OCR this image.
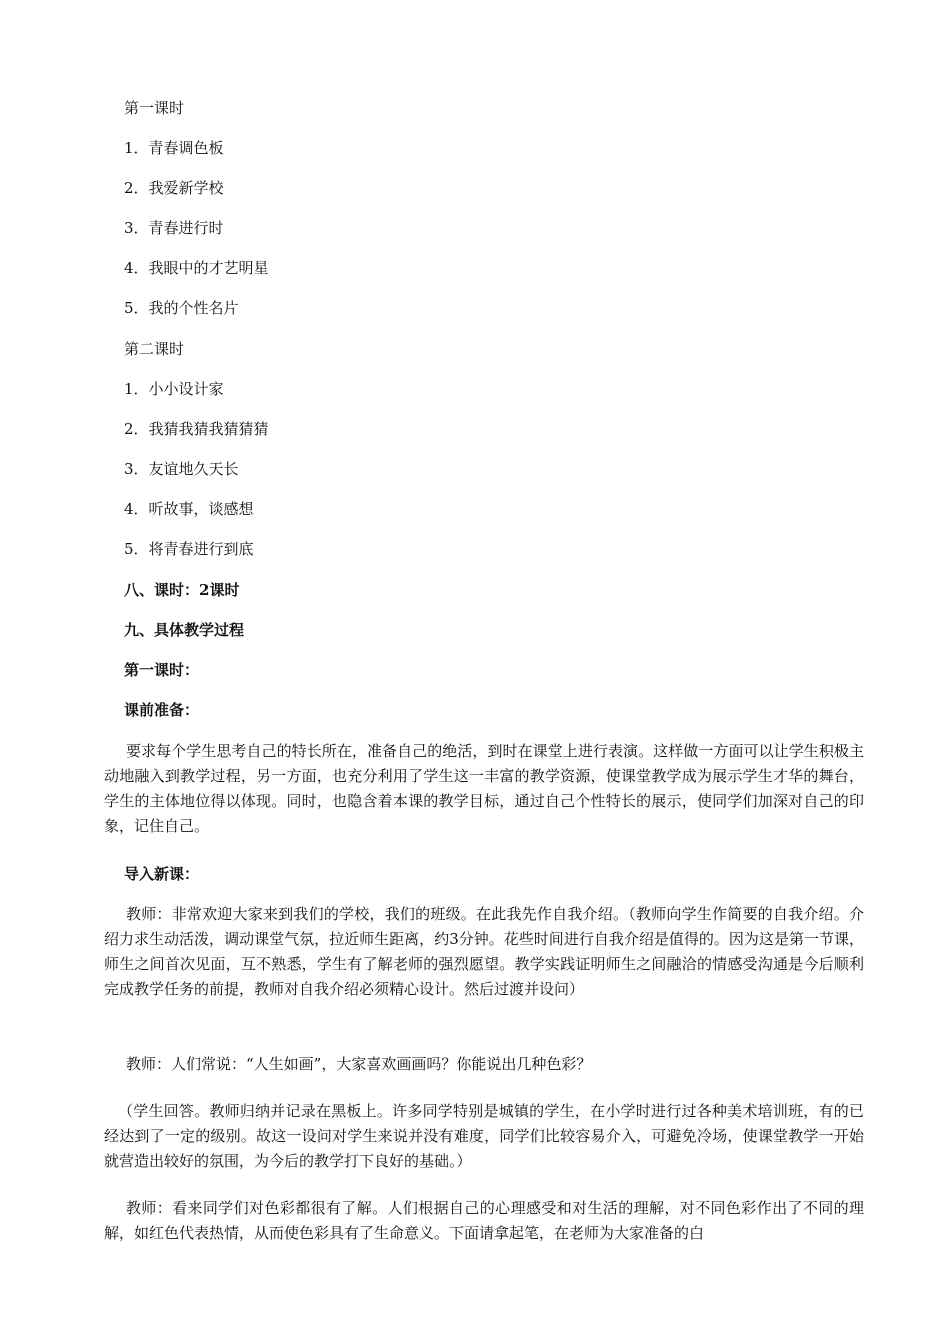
第一课时
1．青春调色板
2．我爱新学校
3．青春进行时
4．我眼中的才艺明星
5．我的个性名片
第二课时
1．小小设计家
2．我猜我猜我猜猜猜
3．友谊地久天长
4．听故事，谈感想
5．将青春进行到底
八、课时：2课时
九、具体教学过程
第一课时：
课前准备：
要求每个学生思考自己的特长所在，准备自己的绝活，到时在课堂上进行表演。这样做一方面可以让学生积极主动地融入到教学过程，另一方面，也充分利用了学生这一丰富的教学资源，使课堂教学成为展示学生才华的舞台，学生的主体地位得以体现。同时，也隐含着本课的教学目标，通过自己个性特长的展示，使同学们加深对自己的印象，记住自己。
导入新课：
教师：非常欢迎大家来到我们的学校，我们的班级。在此我先作自我介绍。（教师向学生作简要的自我介绍。介绍力求生动活泼，调动课堂气氛，拉近师生距离，约3分钟。花些时间进行自我介绍是值得的。因为这是第一节课，师生之间首次见面，互不熟悉，学生有了解老师的强烈愿望。教学实践证明师生之间融洽的情感受沟通是今后顺利完成教学任务的前提，教师对自我介绍必须精心设计。然后过渡并设问）
教师：人们常说：“人生如画”，大家喜欢画画吗？你能说出几种色彩？
（学生回答。教师归纳并记录在黑板上。许多同学特别是城镇的学生，在小学时进行过各种美术培训班，有的已经达到了一定的级别。故这一设问对学生来说并没有难度，同学们比较容易介入，可避免冷场，使课堂教学一开始就营造出较好的氛围，为今后的教学打下良好的基础。）
教师：看来同学们对色彩都很有了解。人们根据自己的心理感受和对生活的理解，对不同色彩作出了不同的理解，如红色代表热情，从而使色彩具有了生命意义。下面请拿起笔，在老师为大家准备的白
